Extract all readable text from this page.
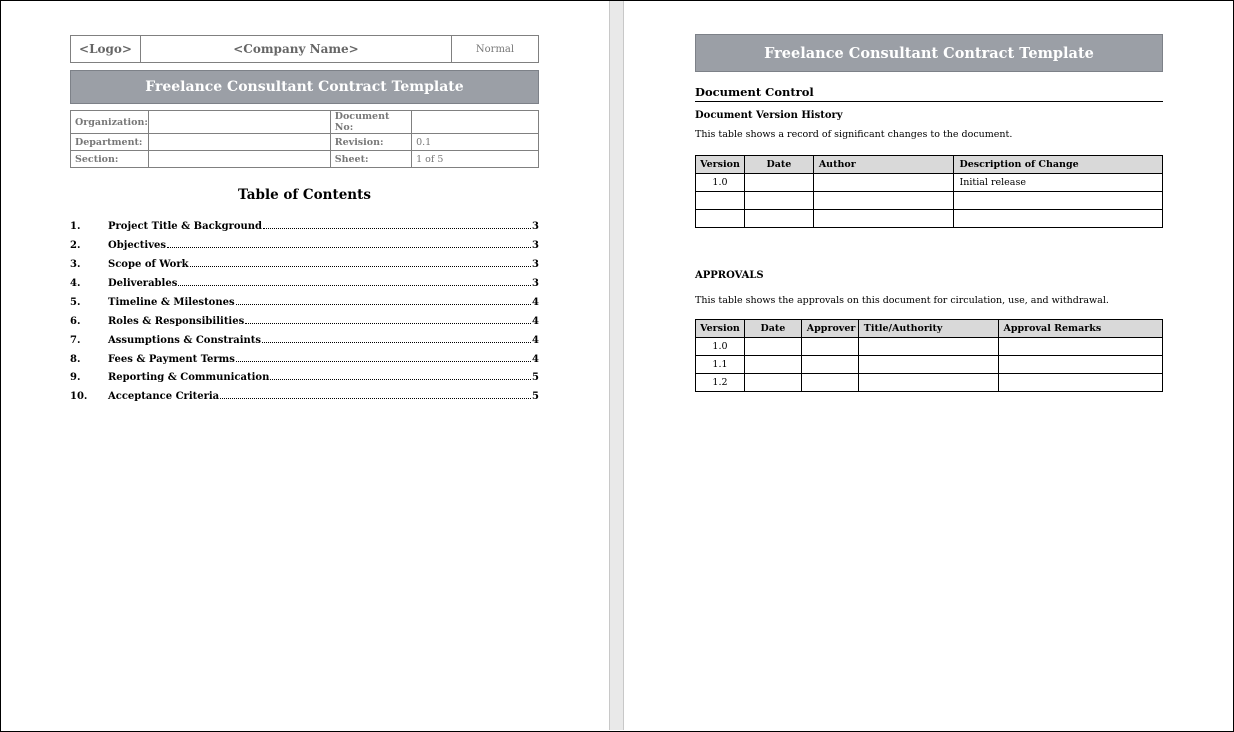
<Logo>	<Company Name>	Normal
Freelance Consultant Contract Template
Organization:		Document No:	
Department:		Revision:	0.1
Section:		Sheet:	1 of 5
Table of Contents
1.	Project Title & Background	3
2.	Objectives	3
3.	Scope of Work	3
4.	Deliverables	3
5.	Timeline & Milestones	4
6.	Roles & Responsibilities	4
7.	Assumptions & Constraints	4
8.	Fees & Payment Terms	4
9.	Reporting & Communication	5
10.	Acceptance Criteria	5
Freelance Consultant Contract Template
Document Control
Document Version History
This table shows a record of significant changes to the document.
Version	Date	Author	Description of Change
1.0			Initial release

APPROVALS
This table shows the approvals on this document for circulation, use, and withdrawal.
Version	Date	Approver	Title/Authority	Approval Remarks
1.0				
1.1				
1.2				
